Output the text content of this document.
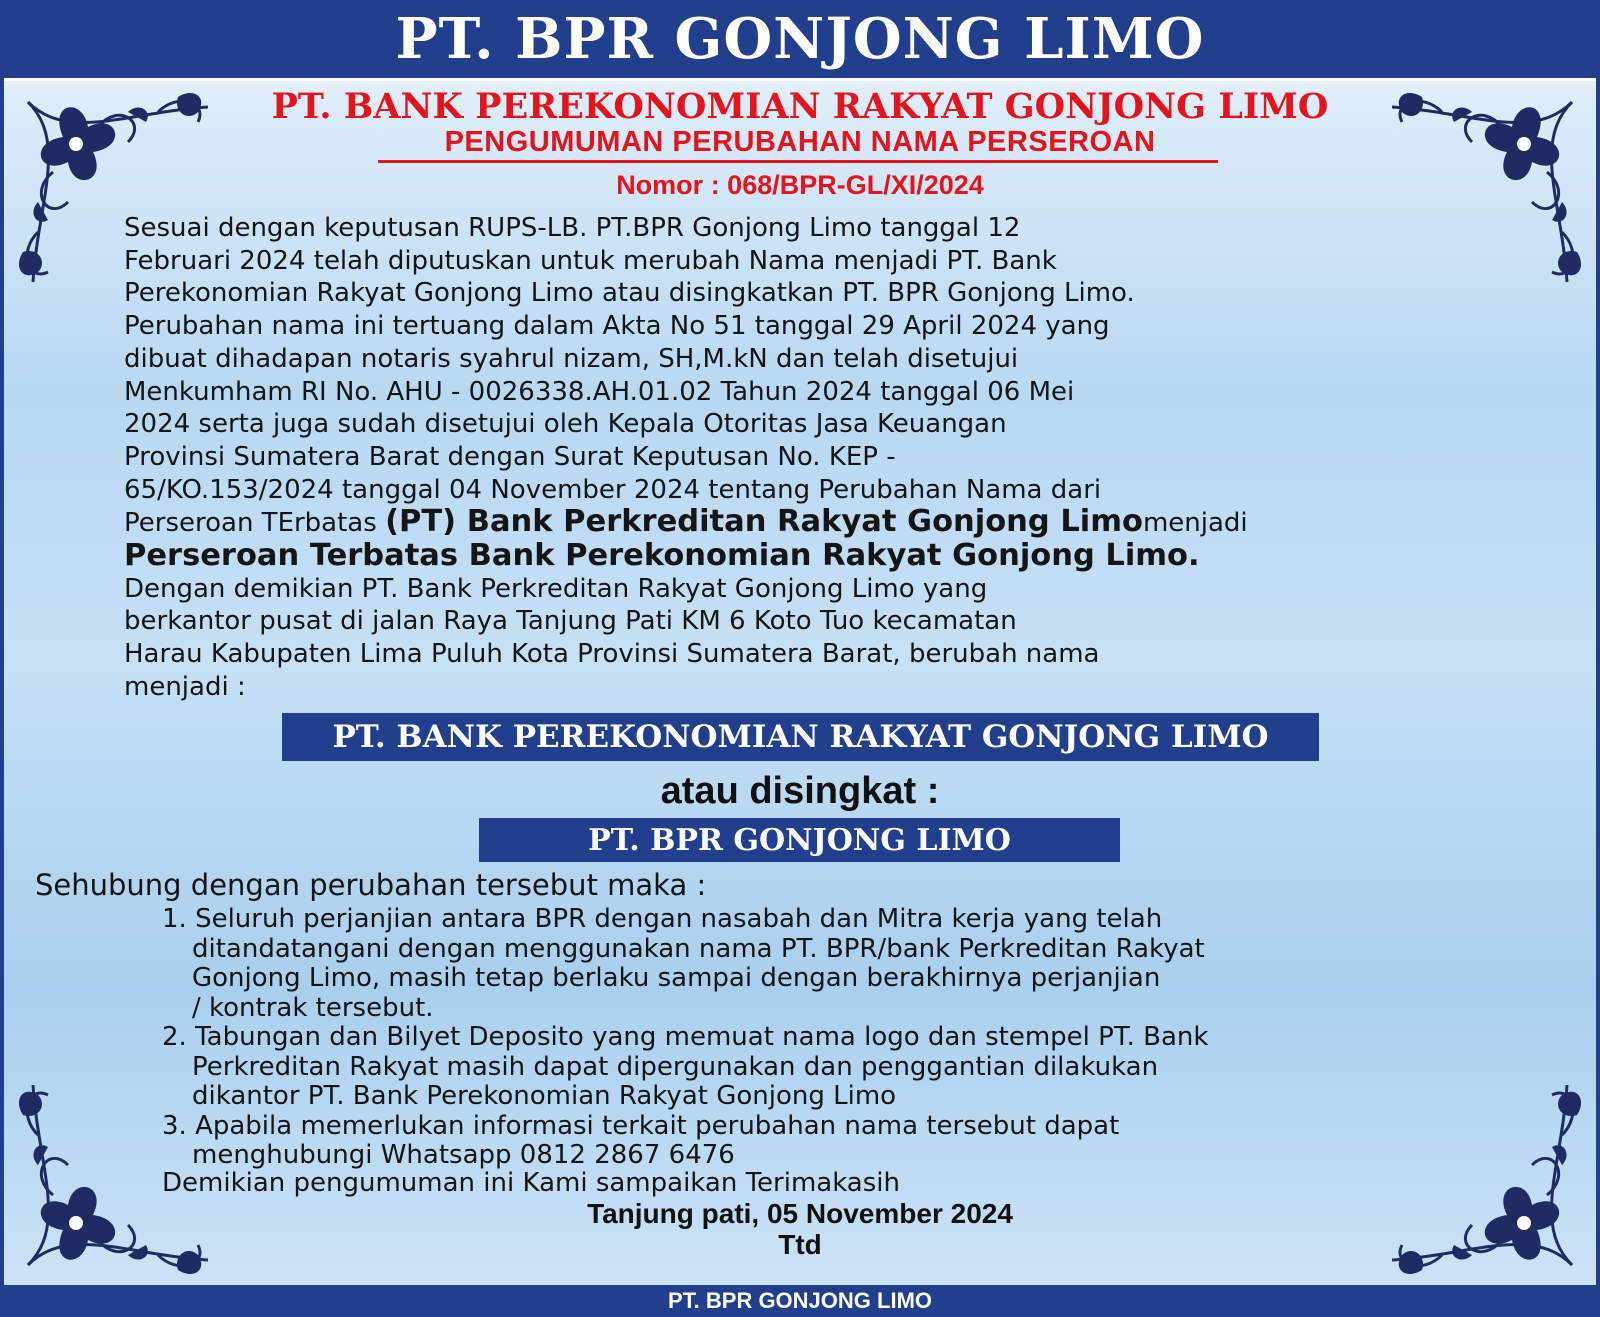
PT. BPR GONJONG LIMO
PT. BANK PEREKONOMIAN RAKYAT GONJONG LIMO
PENGUMUMAN PERUBAHAN NAMA PERSEROAN
Nomor : 068/BPR-GL/XI/2024
Sesuai dengan keputusan RUPS-LB. PT.BPR Gonjong Limo tanggal 12
Februari 2024 telah diputuskan untuk merubah Nama menjadi PT. Bank
Perekonomian Rakyat Gonjong Limo atau disingkatkan PT. BPR Gonjong Limo.
Perubahan nama ini tertuang dalam Akta No 51 tanggal 29 April 2024 yang
dibuat dihadapan notaris syahrul nizam, SH,M.kN dan telah disetujui
Menkumham RI No. AHU - 0026338.AH.01.02 Tahun 2024 tanggal 06 Mei
2024 serta juga sudah disetujui oleh Kepala Otoritas Jasa Keuangan
Provinsi Sumatera Barat dengan Surat Keputusan No. KEP -
65/KO.153/2024 tanggal 04 November 2024 tentang Perubahan Nama dari
Perseroan TErbatas (PT) Bank Perkreditan Rakyat Gonjong Limomenjadi
Perseroan Terbatas Bank Perekonomian Rakyat Gonjong Limo.
Dengan demikian PT. Bank Perkreditan Rakyat Gonjong Limo yang
berkantor pusat di jalan Raya Tanjung Pati KM 6 Koto Tuo kecamatan
Harau Kabupaten Lima Puluh Kota Provinsi Sumatera Barat, berubah nama
menjadi :
PT. BANK PEREKONOMIAN RAKYAT GONJONG LIMO
atau disingkat :
PT. BPR GONJONG LIMO
Sehubung dengan perubahan tersebut maka :
1. Seluruh perjanjian antara BPR dengan nasabah dan Mitra kerja yang telah
ditandatangani dengan menggunakan nama PT. BPR/bank Perkreditan Rakyat
Gonjong Limo, masih tetap berlaku sampai dengan berakhirnya perjanjian
/ kontrak tersebut.
2. Tabungan dan Bilyet Deposito yang memuat nama logo dan stempel PT. Bank
Perkreditan Rakyat masih dapat dipergunakan dan penggantian dilakukan
dikantor PT. Bank Perekonomian Rakyat Gonjong Limo
3. Apabila memerlukan informasi terkait perubahan nama tersebut dapat
menghubungi Whatsapp 0812 2867 6476
Demikian pengumuman ini Kami sampaikan Terimakasih
Tanjung pati, 05 November 2024
Ttd
PT. BPR GONJONG LIMO
